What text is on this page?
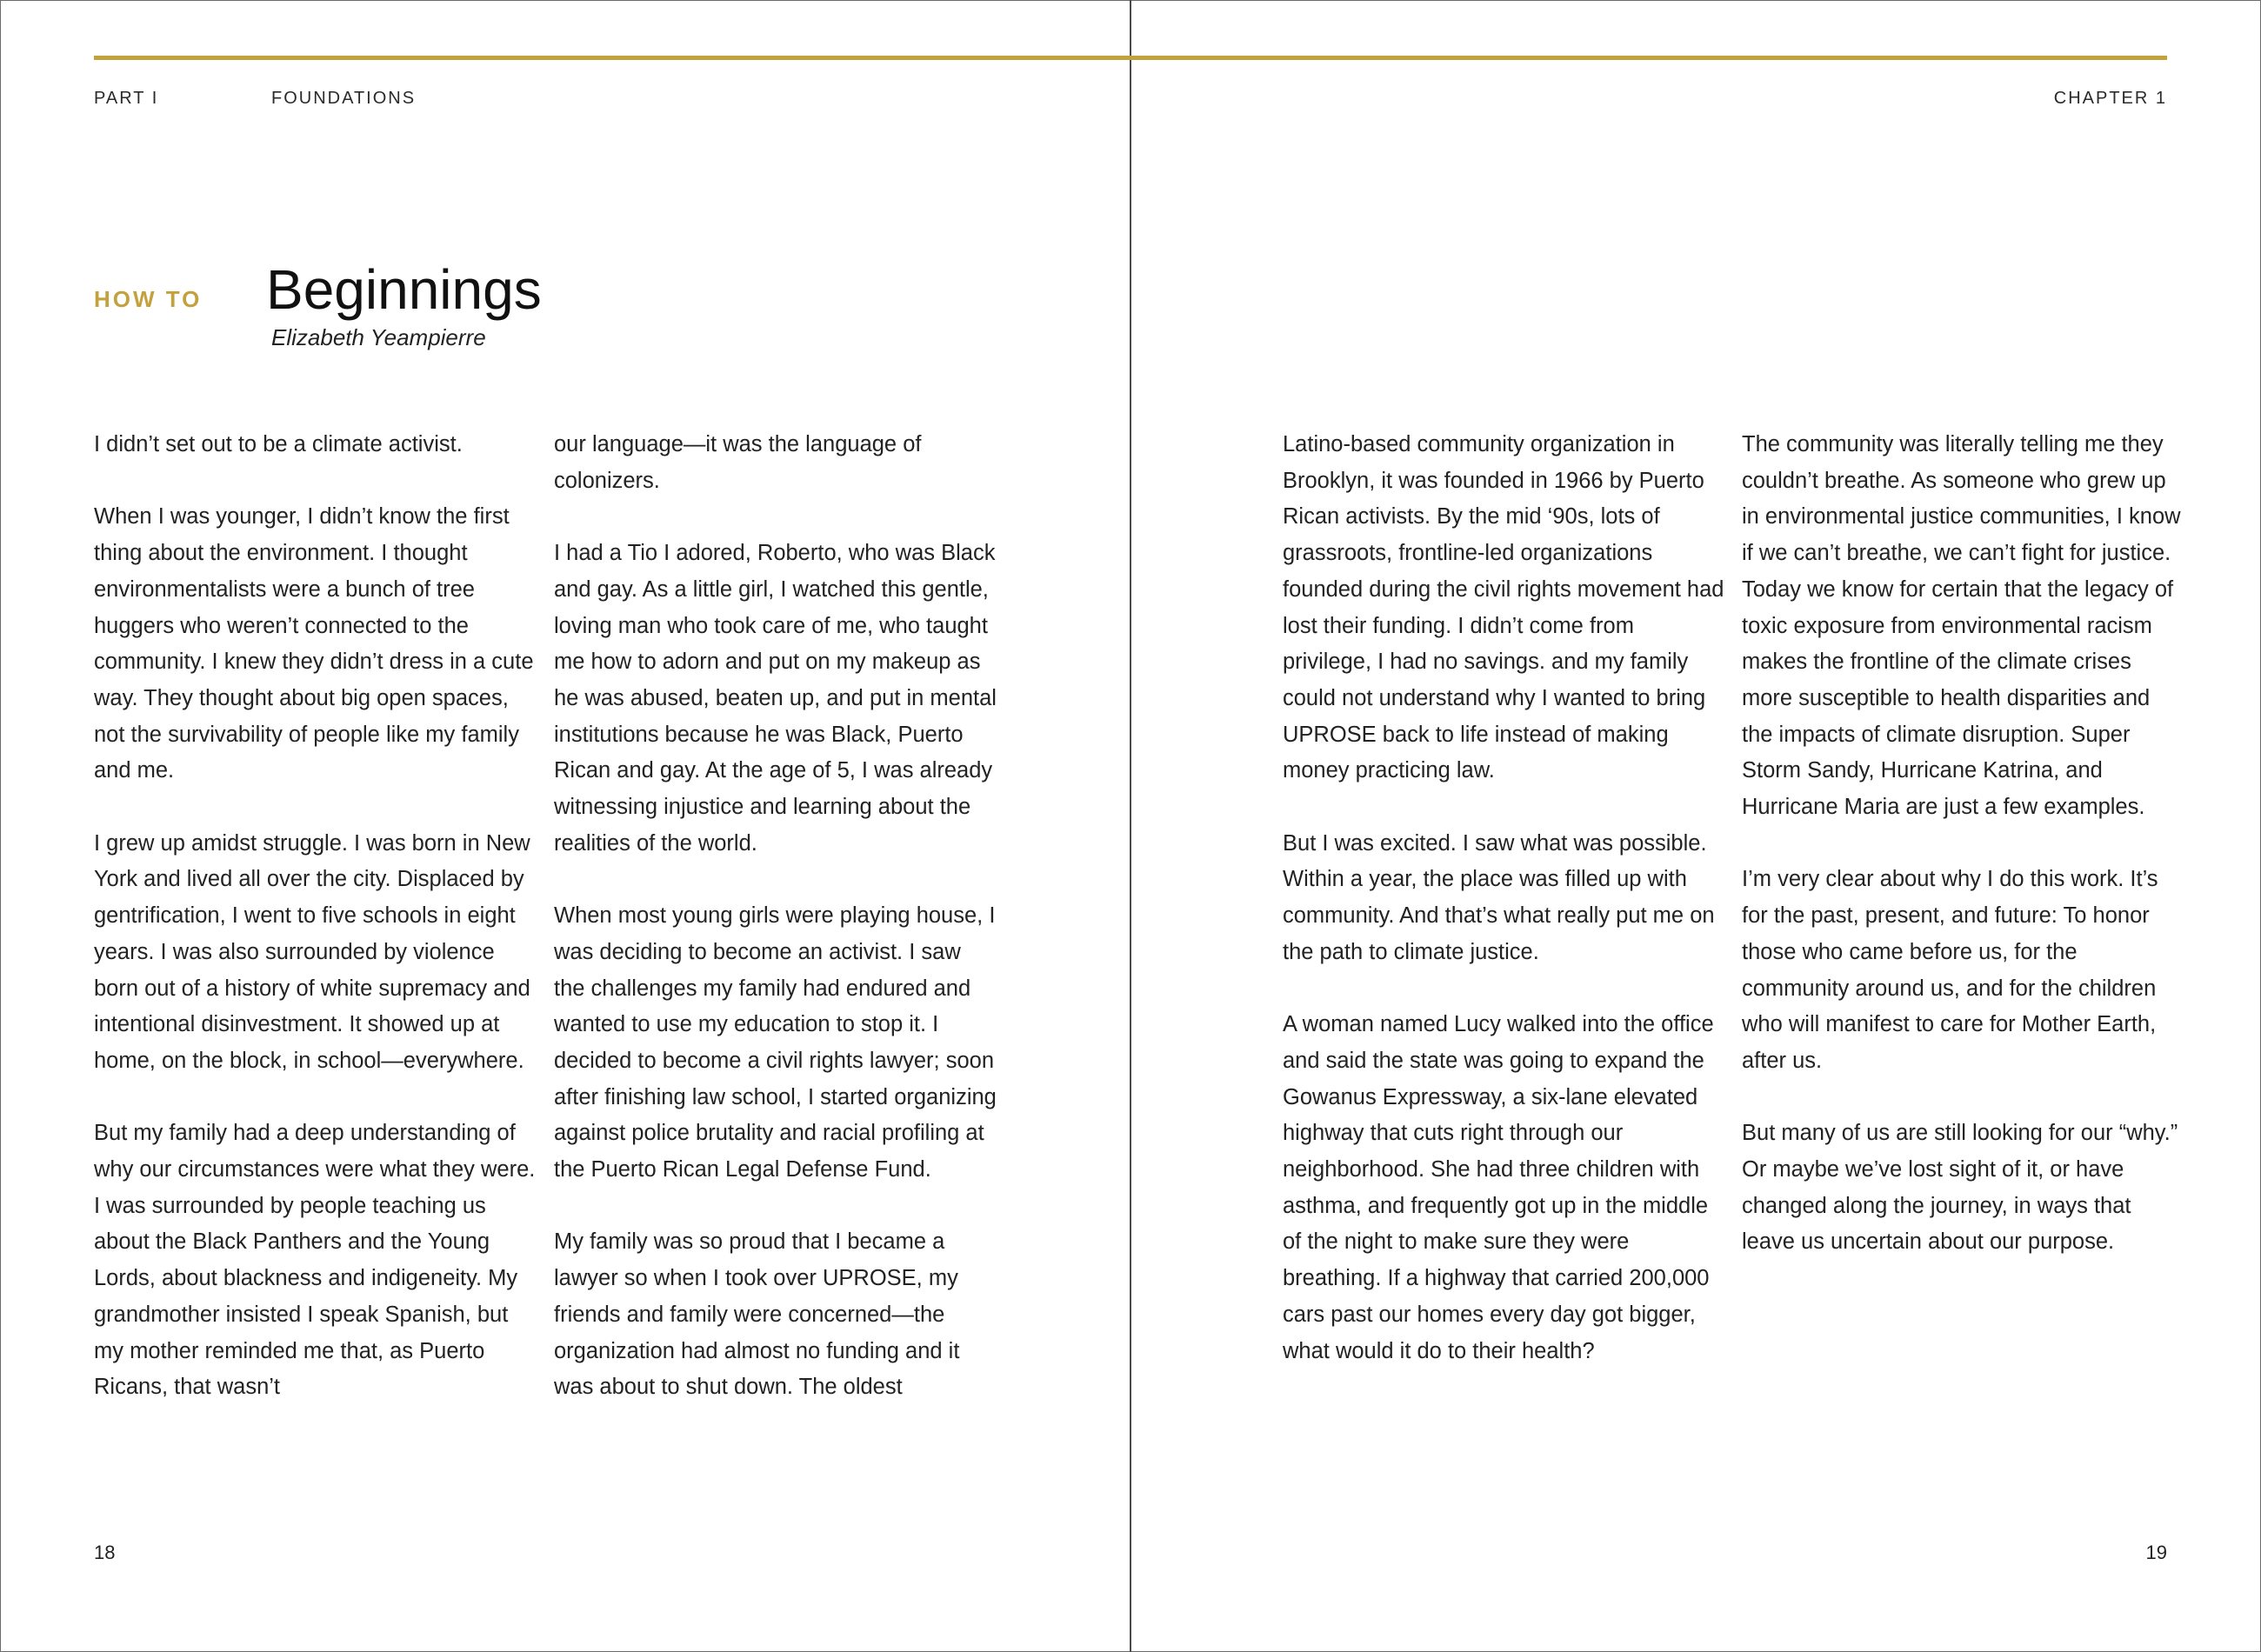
PART I	FOUNDATIONS	CHAPTER 1
HOW TO Beginnings
Elizabeth Yeampierre

I didn’t set out to be a climate activist.

When I was younger, I didn’t know the first thing about the environment. I thought environmentalists were a bunch of tree huggers who weren’t connected to the community. I knew they didn’t dress in a cute way. They thought about big open spaces, not the survivability of people like my family and me.

I grew up amidst struggle. I was born in New York and lived all over the city. Displaced by gentrification, I went to five schools in eight years. I was also surrounded by violence born out of a history of white supremacy and intentional disinvestment. It showed up at home, on the block, in school—everywhere.

But my family had a deep understanding of why our circumstances were what they were. I was surrounded by people teaching us about the Black Panthers and the Young Lords, about blackness and indigeneity. My grandmother insisted I speak Spanish, but my mother reminded me that, as Puerto Ricans, that wasn’t

our language—it was the language of colonizers.

I had a Tio I adored, Roberto, who was Black and gay. As a little girl, I watched this gentle, loving man who took care of me, who taught me how to adorn and put on my makeup as he was abused, beaten up, and put in mental institutions because he was Black, Puerto Rican and gay. At the age of 5, I was already witnessing injustice and learning about the realities of the world.

When most young girls were playing house, I was deciding to become an activist. I saw the challenges my family had endured and wanted to use my education to stop it. I decided to become a civil rights lawyer; soon after finishing law school, I started organizing against police brutality and racial profiling at the Puerto Rican Legal Defense Fund.

My family was so proud that I became a lawyer so when I took over UPROSE, my friends and family were concerned—the organization had almost no funding and it was about to shut down. The oldest

Latino-based community organization in Brooklyn, it was founded in 1966 by Puerto Rican activists. By the mid ‘90s, lots of grassroots, frontline-led organizations founded during the civil rights movement had lost their funding. I didn’t come from privilege, I had no savings. and my family could not understand why I wanted to bring UPROSE back to life instead of making money practicing law.

But I was excited. I saw what was possible. Within a year, the place was filled up with community. And that’s what really put me on the path to climate justice.

A woman named Lucy walked into the office and said the state was going to expand the Gowanus Expressway, a six-lane elevated highway that cuts right through our neighborhood. She had three children with asthma, and frequently got up in the middle of the night to make sure they were breathing. If a highway that carried 200,000 cars past our homes every day got bigger, what would it do to their health?

The community was literally telling me they couldn’t breathe. As someone who grew up in environmental justice communities, I know if we can’t breathe, we can’t fight for justice. Today we know for certain that the legacy of toxic exposure from environmental racism makes the frontline of the climate crises more susceptible to health disparities and the impacts of climate disruption. Super Storm Sandy, Hurricane Katrina, and Hurricane Maria are just a few examples.

I’m very clear about why I do this work. It’s for the past, present, and future: To honor those who came before us, for the community around us, and for the children who will manifest to care for Mother Earth, after us.

But many of us are still looking for our “why.” Or maybe we’ve lost sight of it, or have changed along the journey, in ways that leave us uncertain about our purpose.

18	19
